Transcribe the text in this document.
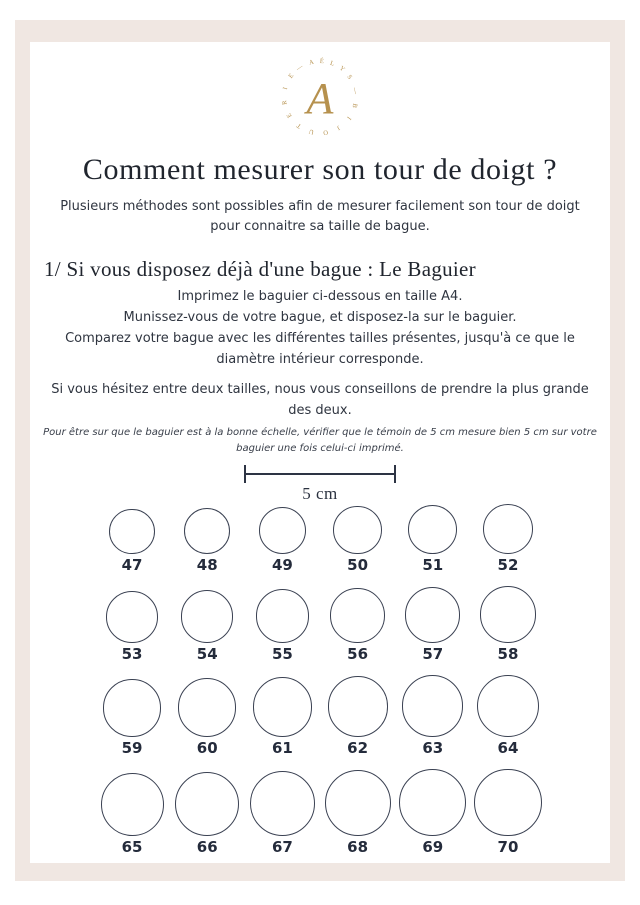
A É L
Y
S
—
B
I
J
O
U
T
E
R
I
E
—
A
Comment mesurer son tour de doigt ?

Plusieurs méthodes sont possibles afin de mesurer facilement son tour de doigt pour connaitre sa taille de bague.

1/ Si vous disposez déjà d'une bague : Le Baguier
Imprimez le baguier ci-dessous en taille A4.
Munissez-vous de votre bague, et disposez-la sur le baguier.
Comparez votre bague avec les différentes tailles présentes, jusqu'à ce que le diamètre intérieur corresponde.

Si vous hésitez entre deux tailles, nous vous conseillons de prendre la plus grande des deux.

Pour être sur que le baguier est à la bonne échelle, vérifier que le témoin de 5 cm mesure bien 5 cm sur votre baguier une fois celui-ci imprimé.

5 cm
47	48	49	50	51	52
53	54	55	56	57	58
59	60	61	62	63	64
65	66	67	68	69	70
